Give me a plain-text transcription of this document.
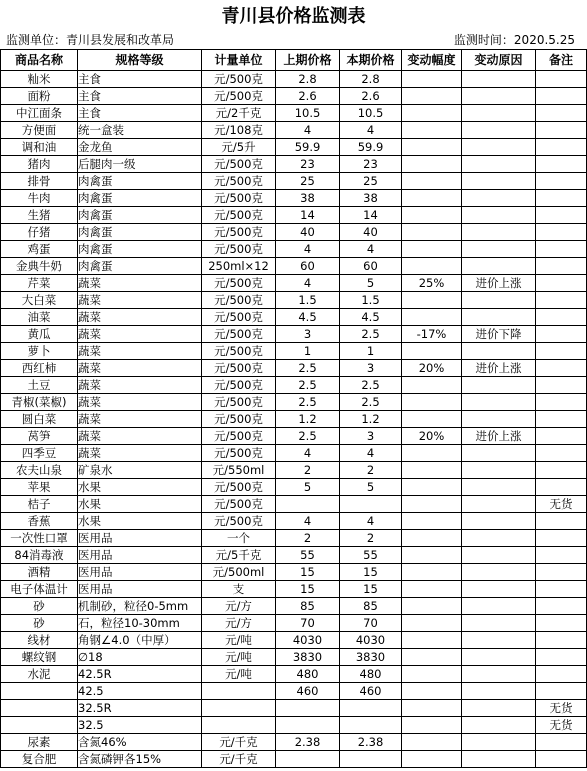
青川县价格监测表
监测单位：青川县发展和改革局	监测时间：2020.5.25
商品名称	规格等级	计量单位	上期价格	本期价格	变动幅度	变动原因	备注
籼米	主食	元/500克	2.8	2.8			
面粉	主食	元/500克	2.6	2.6			
中江面条	主食	元/2千克	10.5	10.5			
方便面	统一盒装	元/108克	4	4			
调和油	金龙鱼	元/5升	59.9	59.9			
猪肉	后腿肉一级	元/500克	23	23			
排骨	肉禽蛋	元/500克	25	25			
牛肉	肉禽蛋	元/500克	38	38			
生猪	肉禽蛋	元/500克	14	14			
仔猪	肉禽蛋	元/500克	40	40			
鸡蛋	肉禽蛋	元/500克	4	4			
金典牛奶	肉禽蛋	250ml×12	60	60			
芹菜	蔬菜	元/500克	4	5	25%	进价上涨	
大白菜	蔬菜	元/500克	1.5	1.5			
油菜	蔬菜	元/500克	4.5	4.5			
黄瓜	蔬菜	元/500克	3	2.5	-17%	进价下降	
萝卜	蔬菜	元/500克	1	1			
西红柿	蔬菜	元/500克	2.5	3	20%	进价上涨	
土豆	蔬菜	元/500克	2.5	2.5			
青椒(菜椒)	蔬菜	元/500克	2.5	2.5			
圆白菜	蔬菜	元/500克	1.2	1.2			
莴笋	蔬菜	元/500克	2.5	3	20%	进价上涨	
四季豆	蔬菜	元/500克	4	4			
农夫山泉	矿泉水	元/550ml	2	2			
苹果	水果	元/500克	5	5			
桔子	水果	元/500克					无货
香蕉	水果	元/500克	4	4			
一次性口罩	医用品	一个	2	2			
84消毒液	医用品	元/5千克	55	55			
酒精	医用品	元/500ml	15	15			
电子体温计	医用品	支	15	15			
砂	机制砂，粒径0-5mm	元/方	85	85			
砂	石，粒径10-30mm	元/方	70	70			
线材	角钢∠4.0（中厚）	元/吨	4030	4030			
螺纹钢	∅18	元/吨	3830	3830			
水泥	42.5R	元/吨	480	480			
	42.5		460	460			
	32.5R						无货
	32.5						无货
尿素	含氮46%	元/千克	2.38	2.38			
复合肥	含氮磷钾各15%	元/千克					
